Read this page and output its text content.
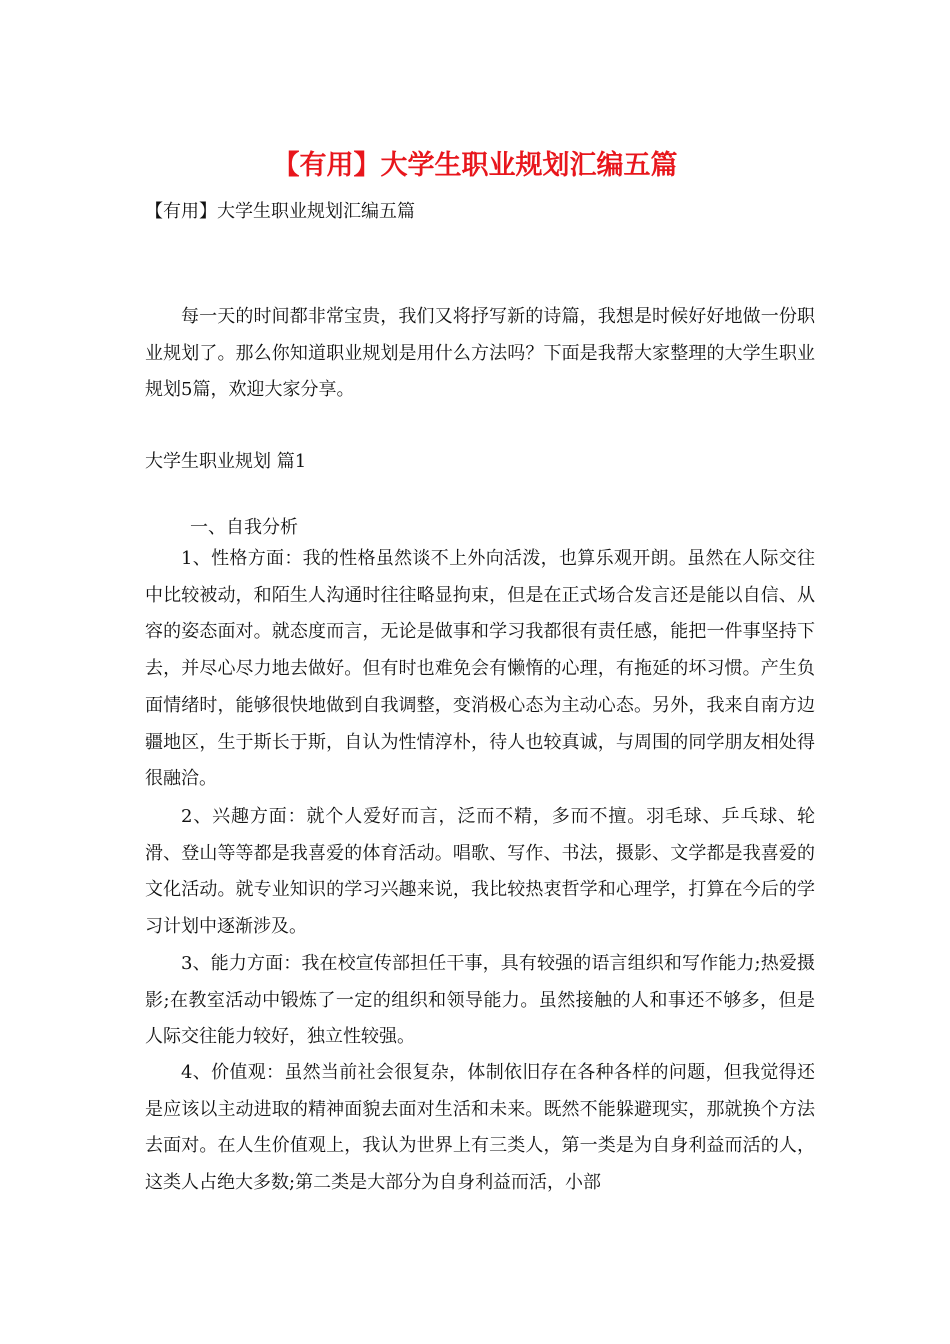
【有用】大学生职业规划汇编五篇
【有用】大学生职业规划汇编五篇

每一天的时间都非常宝贵，我们又将抒写新的诗篇，我想是时候好好地做一份职业规划了。那么你知道职业规划是用什么方法吗？下面是我帮大家整理的大学生职业规划5篇，欢迎大家分享。

大学生职业规划 篇1
一、自我分析

1、性格方面：我的性格虽然谈不上外向活泼，也算乐观开朗。虽然在人际交往中比较被动，和陌生人沟通时往往略显拘束，但是在正式场合发言还是能以自信、从容的姿态面对。就态度而言，无论是做事和学习我都很有责任感，能把一件事坚持下去，并尽心尽力地去做好。但有时也难免会有懒惰的心理，有拖延的坏习惯。产生负面情绪时，能够很快地做到自我调整，变消极心态为主动心态。另外，我来自南方边疆地区，生于斯长于斯，自认为性情淳朴，待人也较真诚，与周围的同学朋友相处得很融洽。

2、兴趣方面：就个人爱好而言，泛而不精，多而不擅。羽毛球、乒乓球、轮滑、登山等等都是我喜爱的体育活动。唱歌、写作、书法，摄影、文学都是我喜爱的文化活动。就专业知识的学习兴趣来说，我比较热衷哲学和心理学，打算在今后的学习计划中逐渐涉及。

3、能力方面：我在校宣传部担任干事，具有较强的语言组织和写作能力;热爱摄影;在教室活动中锻炼了一定的组织和领导能力。虽然接触的人和事还不够多，但是人际交往能力较好，独立性较强。

4、价值观：虽然当前社会很复杂，体制依旧存在各种各样的问题，但我觉得还是应该以主动进取的精神面貌去面对生活和未来。既然不能躲避现实，那就换个方法去面对。在人生价值观上，我认为世界上有三类人，第一类是为自身利益而活的人，这类人占绝大多数;第二类是大部分为自身利益而活，小部
